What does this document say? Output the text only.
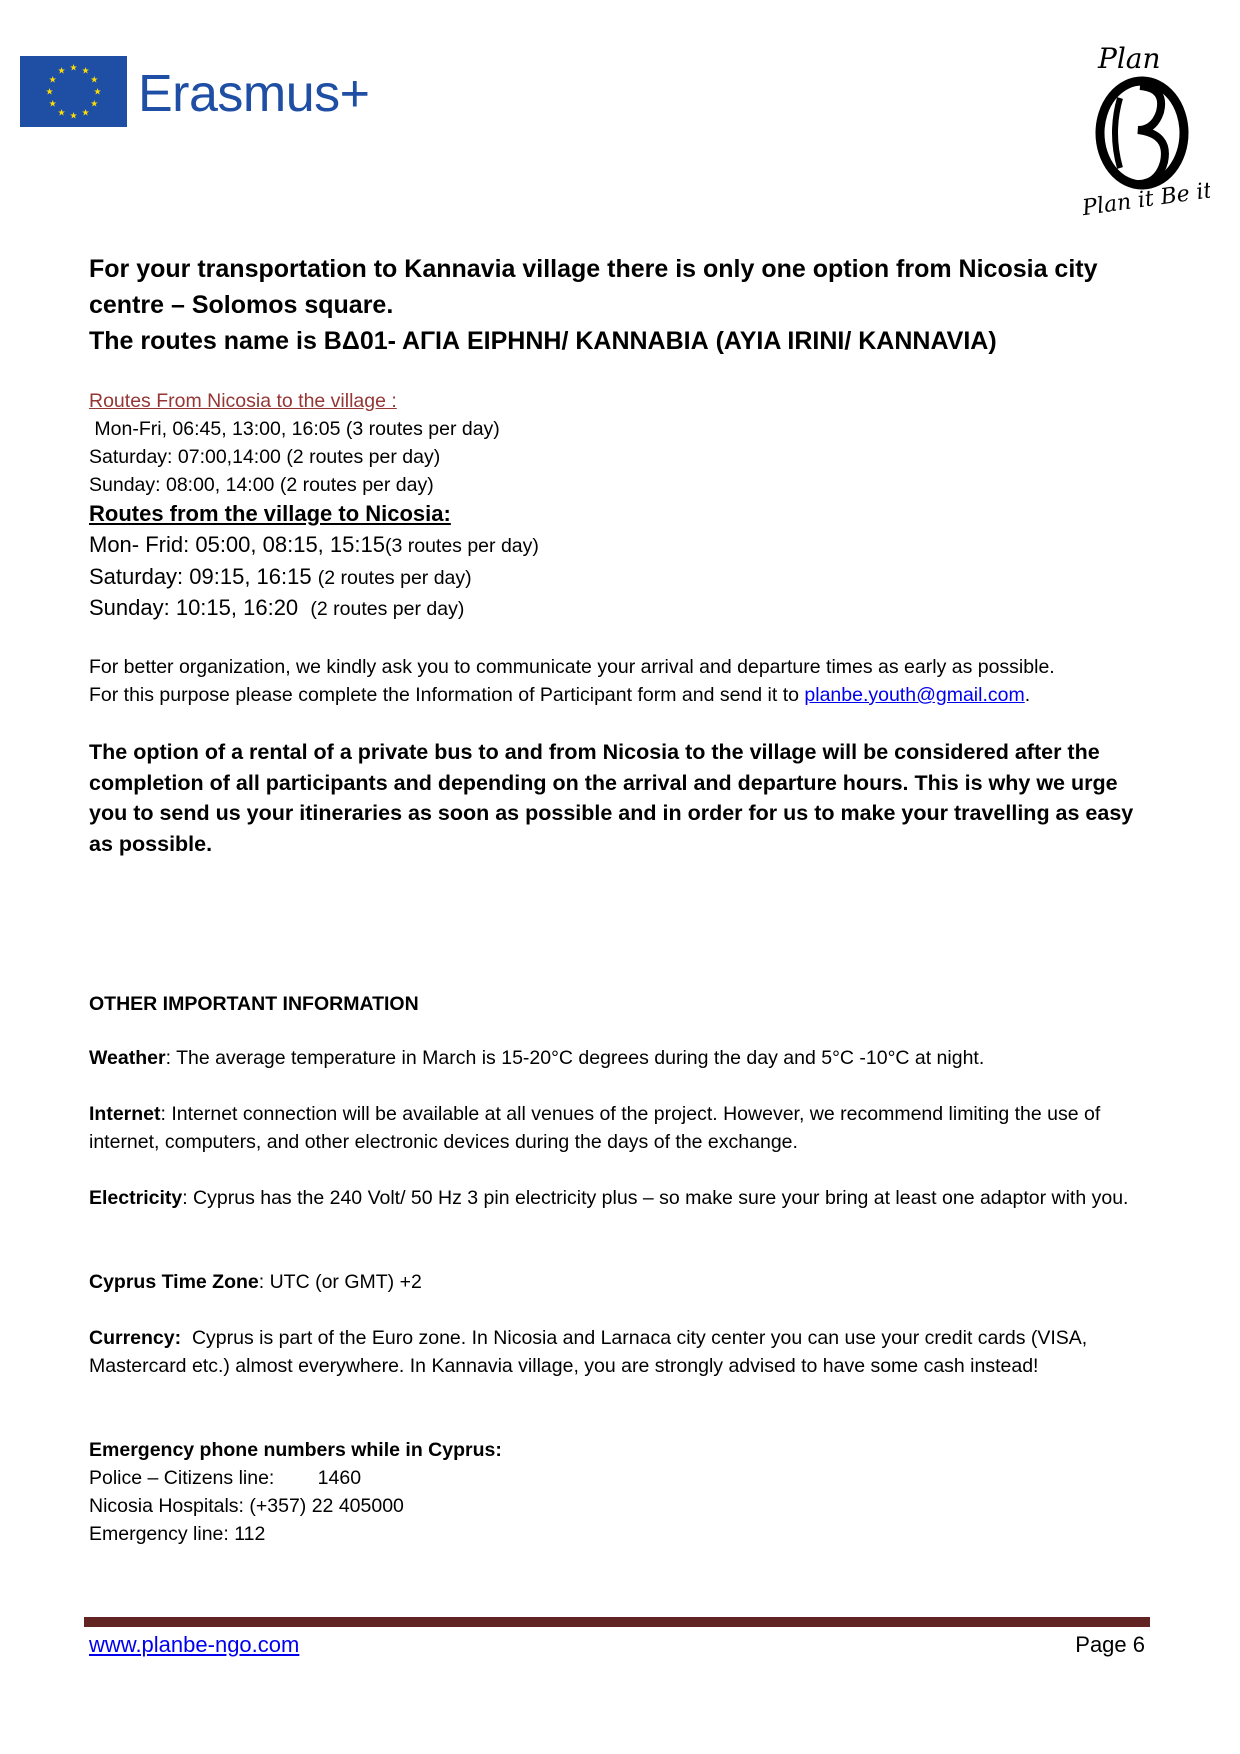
★ ★
★
★
★
★
★
★
★
★
★
★ Erasmus+
Plan
Plan it Be it
For your transportation to Kannavia village there is only one option from Nicosia city
centre – Solomos square.
The routes name is ΒΔ01- ΑΓΙΑ ΕΙΡΗΝΗ/ ΚΑΝΝΑΒΙΑ (AYIA IRINI/ KANNAVIA)
Routes From Nicosia to the village :
Mon-Fri, 06:45, 13:00, 16:05 (3 routes per day)
Saturday: 07:00,14:00 (2 routes per day)
Sunday: 08:00, 14:00 (2 routes per day)
Routes from the village to Nicosia:
Mon- Frid: 05:00, 08:15, 15:15(3 routes per day)
Saturday: 09:15, 16:15 (2 routes per day)
Sunday: 10:15, 16:20  (2 routes per day)
For better organization, we kindly ask you to communicate your arrival and departure times as early as possible.
For this purpose please complete the Information of Participant form and send it to planbe.youth@gmail.com.
The option of a rental of a private bus to and from Nicosia to the village will be considered after the completion of all participants and depending on the arrival and departure hours. This is why we urge you to send us your itineraries as soon as possible and in order for us to make your travelling as easy as possible.
OTHER IMPORTANT INFORMATION
Weather: The average temperature in March is 15-20°C degrees during the day and 5°C -10°C at night.
Internet: Internet connection will be available at all venues of the project. However, we recommend limiting the use of internet, computers, and other electronic devices during the days of the exchange.
Electricity: Cyprus has the 240 Volt/ 50 Hz 3 pin electricity plus – so make sure your bring at least one adaptor with you.
Cyprus Time Zone: UTC (or GMT) +2
Currency:  Cyprus is part of the Euro zone. In Nicosia and Larnaca city center you can use your credit cards (VISA, Mastercard etc.) almost everywhere. In Kannavia village, you are strongly advised to have some cash instead!
Emergency phone numbers while in Cyprus:
Police – Citizens line:        1460
Nicosia Hospitals: (+357) 22 405000
Emergency line: 112
www.planbe-ngo.com	Page 6
